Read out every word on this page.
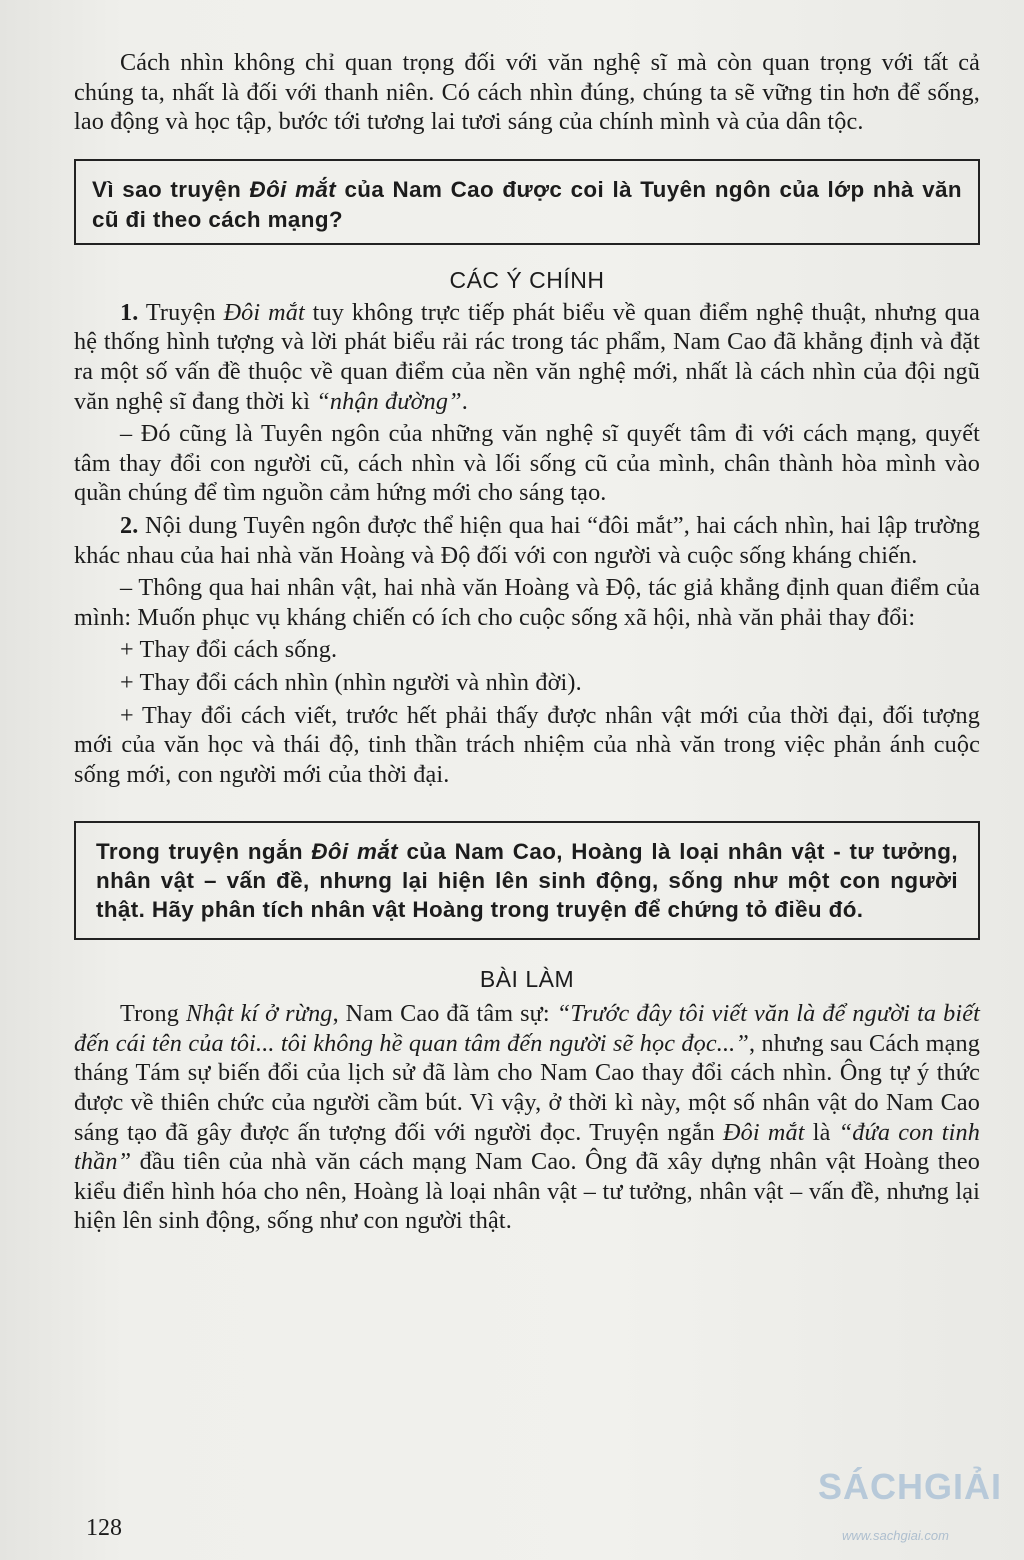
Cách nhìn không chỉ quan trọng đối với văn nghệ sĩ mà còn quan trọng với tất cả chúng ta, nhất là đối với thanh niên. Có cách nhìn đúng, chúng ta sẽ vững tin hơn để sống, lao động và học tập, bước tới tương lai tươi sáng của chính mình và của dân tộc.

Vì sao truyện Đôi mắt của Nam Cao được coi là Tuyên ngôn của lớp nhà văn cũ đi theo cách mạng?

CÁC Ý CHÍNH

1. Truyện Đôi mắt tuy không trực tiếp phát biểu về quan điểm nghệ thuật, nhưng qua hệ thống hình tượng và lời phát biểu rải rác trong tác phẩm, Nam Cao đã khẳng định và đặt ra một số vấn đề thuộc về quan điểm của nền văn nghệ mới, nhất là cách nhìn của đội ngũ văn nghệ sĩ đang thời kì “nhận đường”.

– Đó cũng là Tuyên ngôn của những văn nghệ sĩ quyết tâm đi với cách mạng, quyết tâm thay đổi con người cũ, cách nhìn và lối sống cũ của mình, chân thành hòa mình vào quần chúng để tìm nguồn cảm hứng mới cho sáng tạo.

2. Nội dung Tuyên ngôn được thể hiện qua hai “đôi mắt”, hai cách nhìn, hai lập trường khác nhau của hai nhà văn Hoàng và Độ đối với con người và cuộc sống kháng chiến.

– Thông qua hai nhân vật, hai nhà văn Hoàng và Độ, tác giả khẳng định quan điểm của mình: Muốn phục vụ kháng chiến có ích cho cuộc sống xã hội, nhà văn phải thay đổi:

+ Thay đổi cách sống.

+ Thay đổi cách nhìn (nhìn người và nhìn đời).

+ Thay đổi cách viết, trước hết phải thấy được nhân vật mới của thời đại, đối tượng mới của văn học và thái độ, tinh thần trách nhiệm của nhà văn trong việc phản ánh cuộc sống mới, con người mới của thời đại.

Trong truyện ngắn Đôi mắt của Nam Cao, Hoàng là loại nhân vật - tư tưởng, nhân vật – vấn đề, nhưng lại hiện lên sinh động, sống như một con người thật. Hãy phân tích nhân vật Hoàng trong truyện để chứng tỏ điều đó.

BÀI LÀM

Trong Nhật kí ở rừng, Nam Cao đã tâm sự: “Trước đây tôi viết văn là để người ta biết đến cái tên của tôi... tôi không hề quan tâm đến người sẽ học đọc...”, nhưng sau Cách mạng tháng Tám sự biến đổi của lịch sử đã làm cho Nam Cao thay đổi cách nhìn. Ông tự ý thức được về thiên chức của người cầm bút. Vì vậy, ở thời kì này, một số nhân vật do Nam Cao sáng tạo đã gây được ấn tượng đối với người đọc. Truyện ngắn Đôi mắt là “đứa con tinh thần” đầu tiên của nhà văn cách mạng Nam Cao. Ông đã xây dựng nhân vật Hoàng theo kiểu điển hình hóa cho nên, Hoàng là loại nhân vật – tư tưởng, nhân vật – vấn đề, nhưng lại hiện lên sinh động, sống như con người thật.

128
SÁCHGIẢI
www.sachgiai.com
